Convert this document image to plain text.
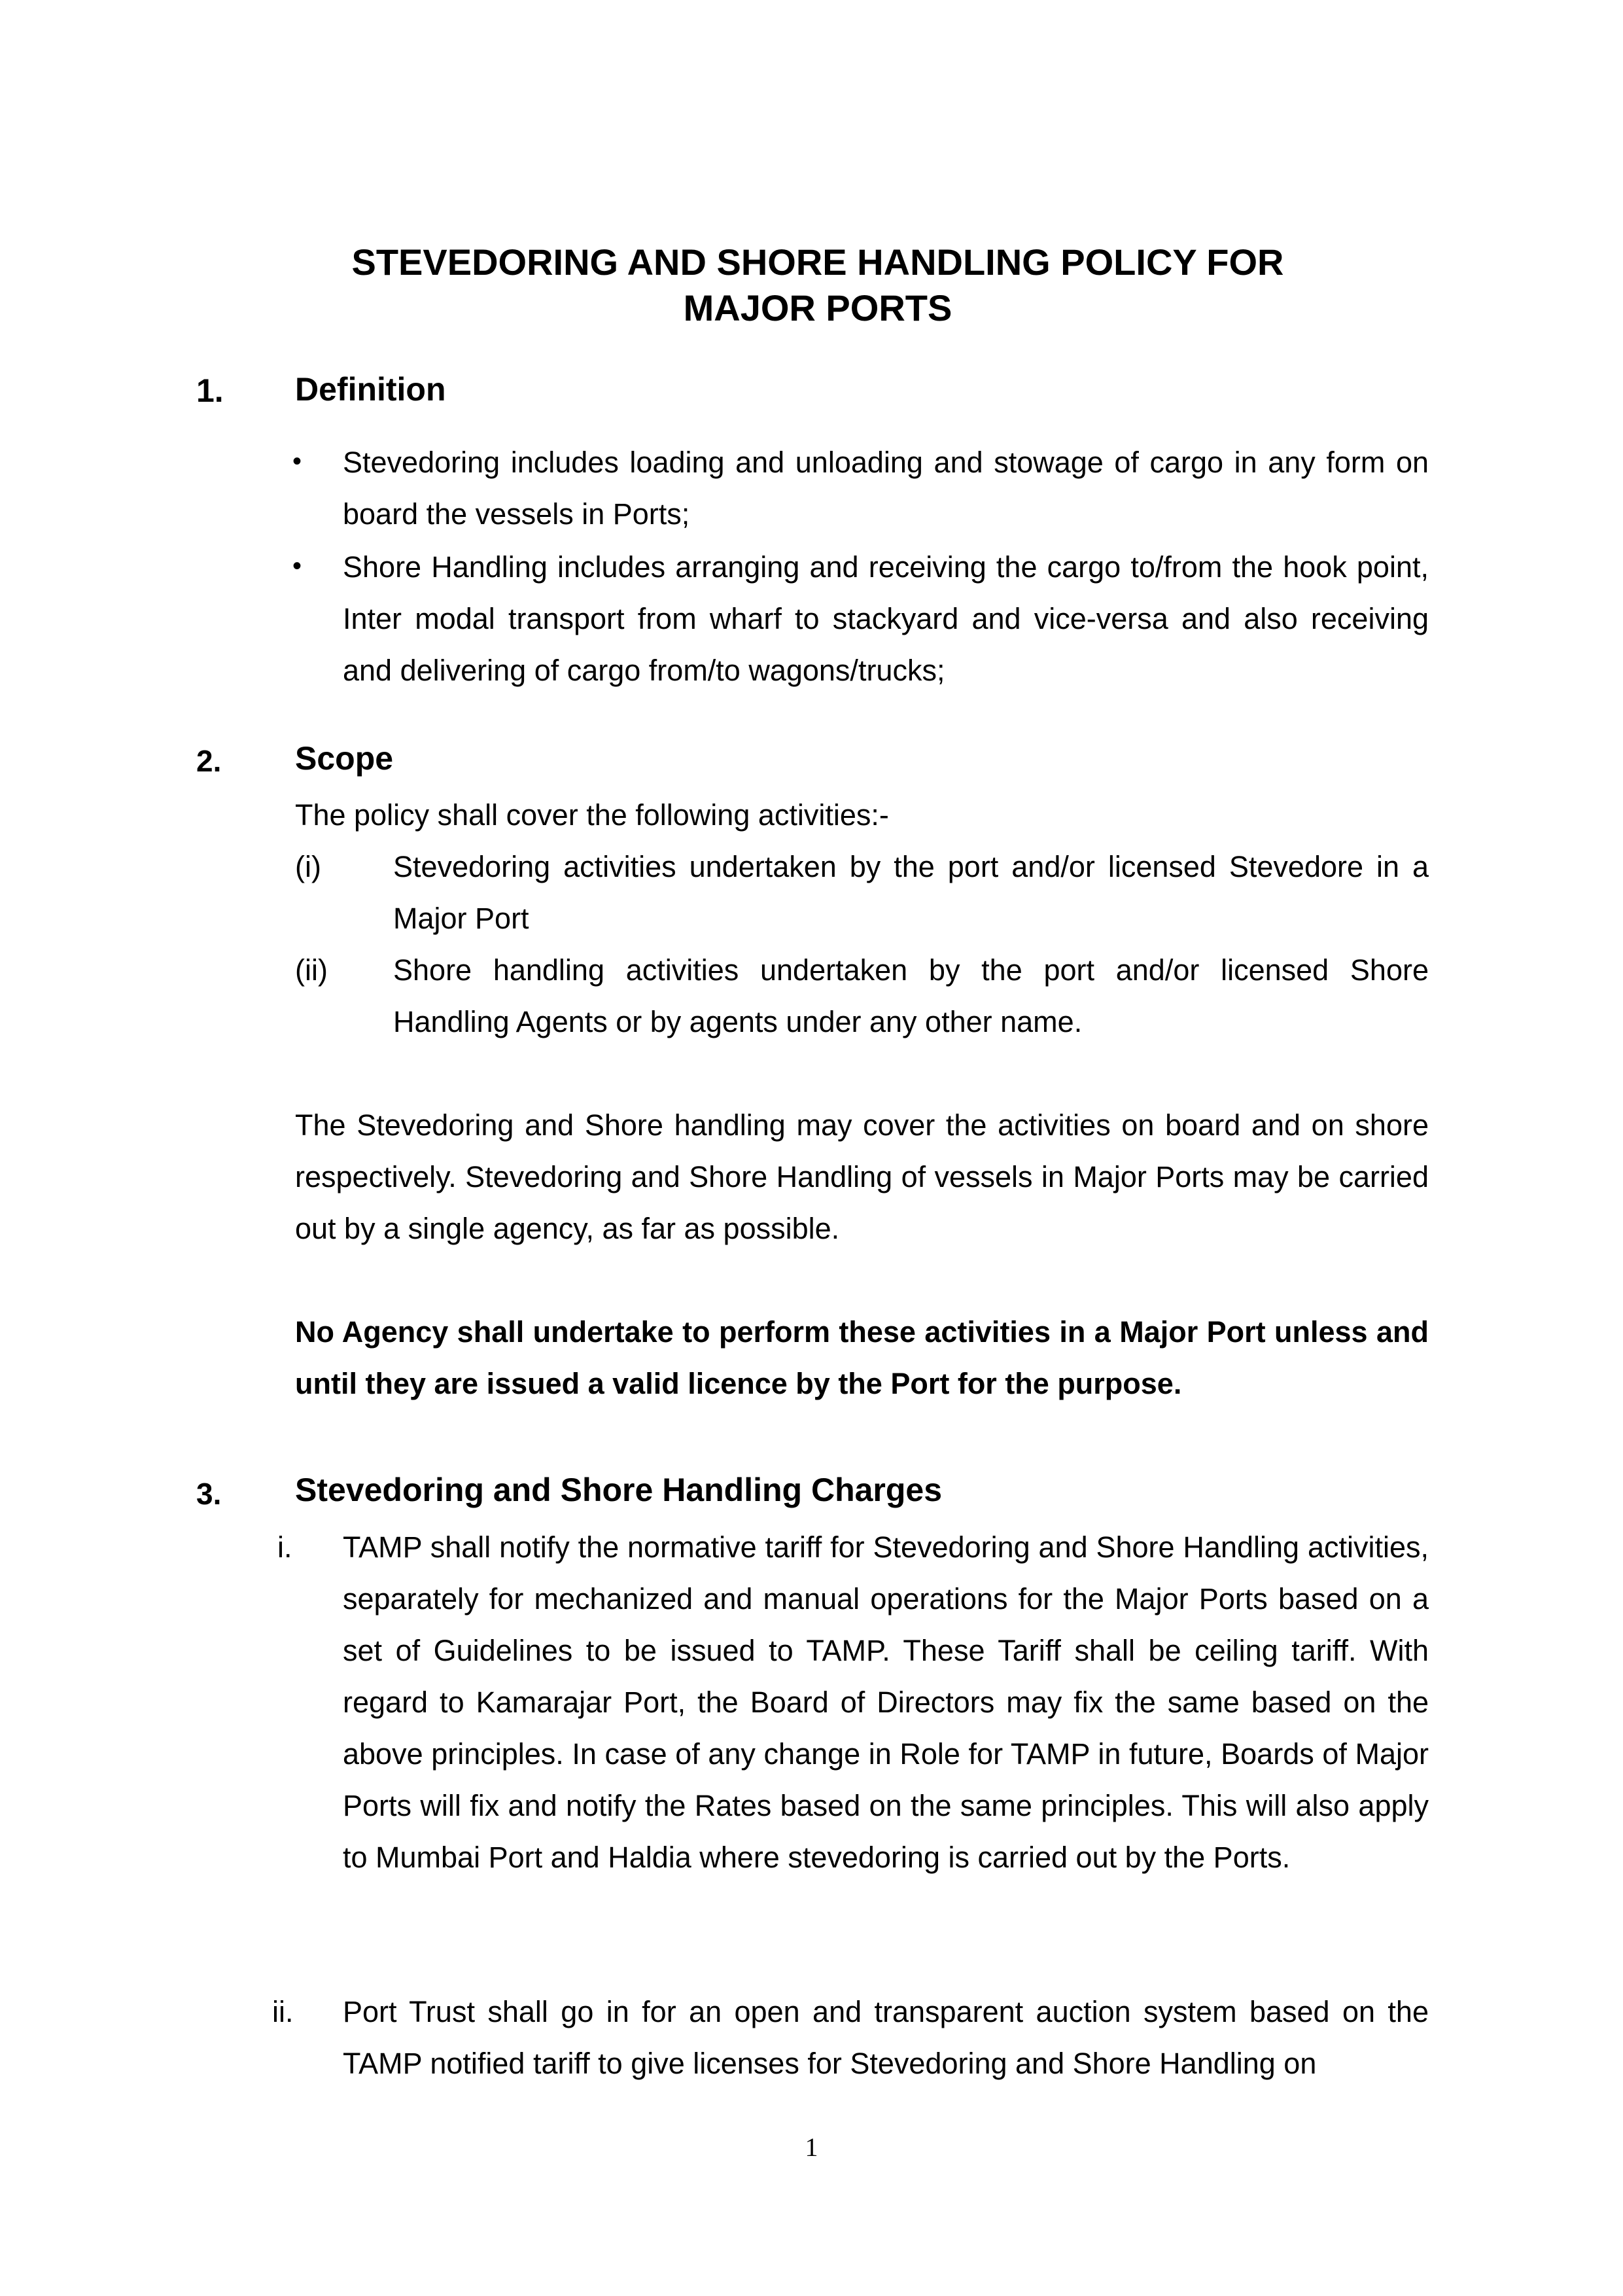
STEVEDORING AND SHORE HANDLING POLICY FOR
MAJOR PORTS
1. Definition
• Stevedoring includes loading and unloading and stowage of cargo in any form on board the vessels in Ports;
• Shore Handling includes arranging and receiving the cargo to/from the hook point, Inter modal transport from wharf to stackyard and vice-versa and also receiving and delivering of cargo from/to wagons/trucks;
2. Scope
The policy shall cover the following activities:-
(i) Stevedoring activities undertaken by the port and/or licensed Stevedore in a Major Port
(ii) Shore handling activities undertaken by the port and/or licensed Shore Handling Agents or by agents under any other name.
The Stevedoring and Shore handling may cover the activities on board and on shore respectively. Stevedoring and Shore Handling of vessels in Major Ports may be carried out by a single agency, as far as possible.
No Agency shall undertake to perform these activities in a Major Port unless and until they are issued a valid licence by the Port for the purpose.
3. Stevedoring and Shore Handling Charges
i. TAMP shall notify the normative tariff for Stevedoring and Shore Handling activities, separately for mechanized and manual operations for the Major Ports based on a set of Guidelines to be issued to TAMP. These Tariff shall be ceiling tariff. With regard to Kamarajar Port, the Board of Directors may fix the same based on the above principles. In case of any change in Role for TAMP in future, Boards of Major Ports will fix and notify the Rates based on the same principles. This will also apply to Mumbai Port and Haldia where stevedoring is carried out by the Ports.
ii. Port Trust shall go in for an open and transparent auction system based on the TAMP notified tariff to give licenses for Stevedoring and Shore Handling on
1
